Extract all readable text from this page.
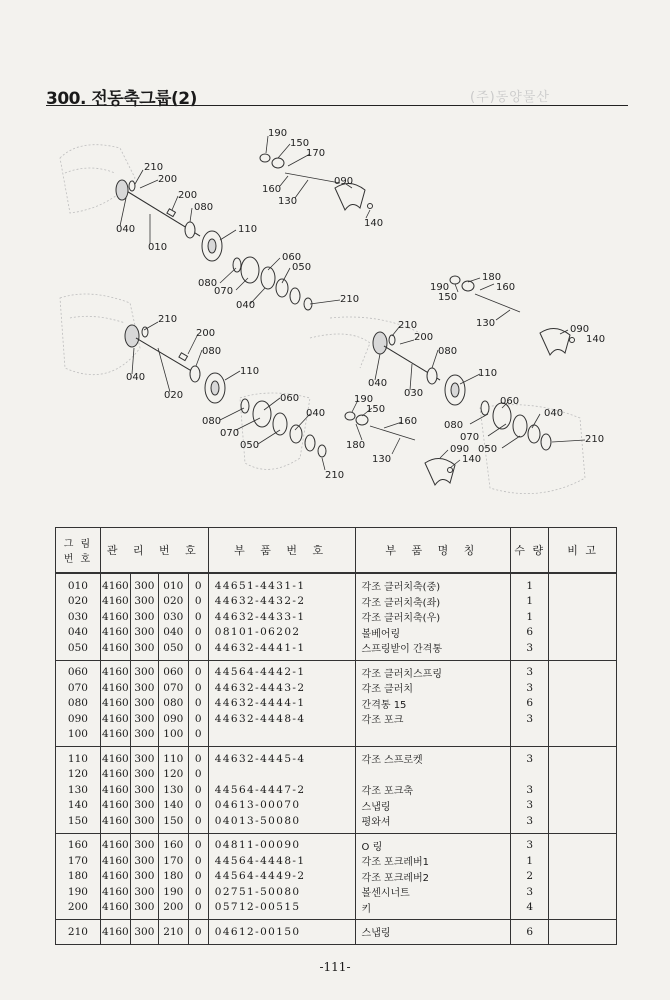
300. 전동축그룹(2)	(주)동양물산
210
200
200
080
040
010
110
060
050
080
070
040
210
190
150
170
160
130
090
140
210
200
080
040
020
110
060
040
080
070
050
210
210
200
040
030
080
110
060
040
080
070
050
210
190
150
180
160
130
090
140
190
150
160
180
130
090
140
그 림 번 호	관 리 번 호				부 품 번 호	부 품 명 칭	수 량	비 고
010	4160	300	010	0	44651-4431-1	각조 클러치축(중)	1	
020	4160	300	020	0	44632-4432-2	각조 클러치축(좌)	1	
030	4160	300	030	0	44632-4433-1	각조 클러치축(우)	1	
040	4160	300	040	0	08101-06202	볼베어링	6	
050	4160	300	050	0	44632-4441-1	스프링받이 간격통	3	
060	4160	300	060	0	44564-4442-1	각조 클러치스프링	3	
070	4160	300	070	0	44632-4443-2	각조 클러치	3	
080	4160	300	080	0	44632-4444-1	간격통 15	6	
090	4160	300	090	0	44632-4448-4	각조 포크	3	
100	4160	300	100	0				
110	4160	300	110	0	44632-4445-4	각조 스프로켓	3	
120	4160	300	120	0				
130	4160	300	130	0	44564-4447-2	각조 포크축	3	
140	4160	300	140	0	04613-00070	스냅링	3	
150	4160	300	150	0	04013-50080	평와셔	3	
160	4160	300	160	0	04811-00090	O 링	3	
170	4160	300	170	0	44564-4448-1	각조 포크레버1	1	
180	4160	300	180	0	44564-4449-2	각조 포크레버2	2	
190	4160	300	190	0	02751-50080	볼센시너트	3	
200	4160	300	200	0	05712-00515	키	4	
210	4160	300	210	0	04612-00150	스냅링	6	
-111-
